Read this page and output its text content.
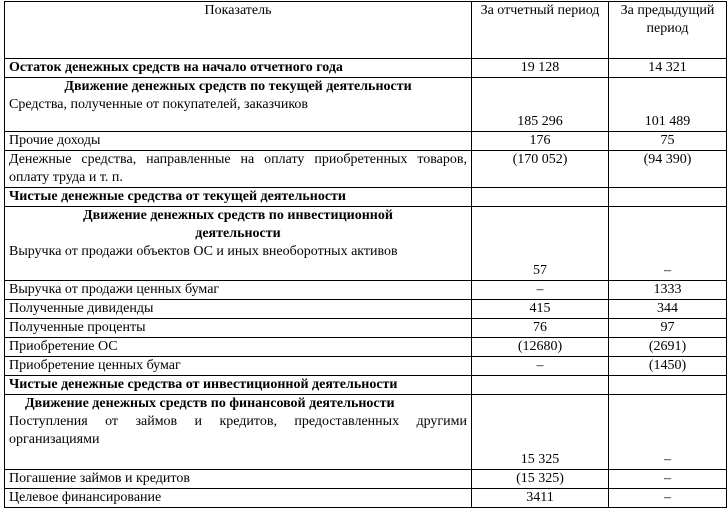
Показатель	За отчетный период	За предыдущий период
Остаток денежных средств на начало отчетного года	19 128	14 321

Движение денежных средств по текущей деятельности
Средства, полученные от покупателей, заказчиков	185 296	101 489
Прочие доходы	176	75
Денежные средства, направленные на оплату приобретенных товаров, оплату труда и т. п.	(170 052)	(94 390)
Чистые денежные средства от текущей деятельности		

Движение денежных средств по инвестиционной деятельности
Выручка от продажи объектов ОС и иных внеоборотных активов	57	–
Выручка от продажи ценных бумаг	–	1333
Полученные дивиденды	415	344
Полученные проценты	76	97
Приобретение ОС	(12680)	(2691)
Приобретение ценных бумаг	–	(1450)
Чистые денежные средства от инвестиционной деятельности		

Движение денежных средств по финансовой деятельности
Поступления от займов и кредитов, предоставленных другими организациями	15 325	–
Погашение займов и кредитов	(15 325)	–
Целевое финансирование	3411	–
